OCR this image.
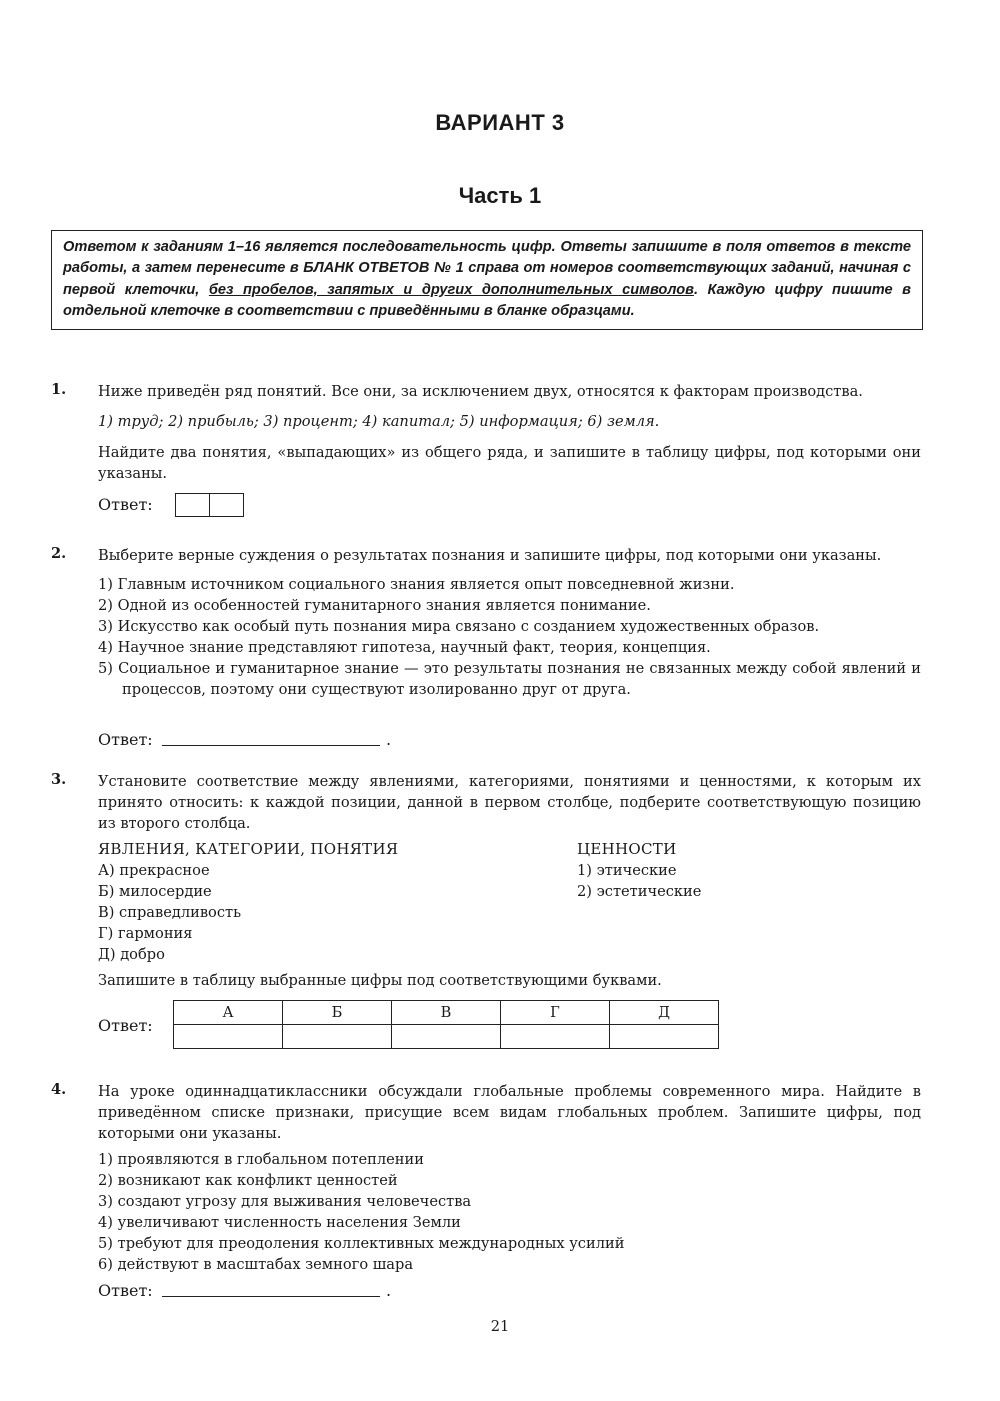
ВАРИАНТ 3
Часть 1
Ответом к заданиям 1–16 является последовательность цифр. Ответы запишите в поля ответов в тексте работы, а затем перенесите в БЛАНК ОТВЕТОВ № 1 справа от номеров соответствующих заданий, начиная с первой клеточки, без пробелов, запятых и других дополнительных символов. Каждую цифру пишите в отдельной клеточке в соответствии с приведёнными в бланке образцами.
1. Ниже приведён ряд понятий. Все они, за исключением двух, относятся к факторам производства.

1) труд; 2) прибыль; 3) процент; 4) капитал; 5) информация; 6) земля.

Найдите два понятия, «выпадающих» из общего ряда, и запишите в таблицу цифры, под которыми они указаны.

Ответ:
2. Выберите верные суждения о результатах познания и запишите цифры, под которыми они указаны.

1) Главным источником социального знания является опыт повседневной жизни.
2) Одной из особенностей гуманитарного знания является понимание.
3) Искусство как особый путь познания мира связано с созданием художественных образов.
4) Научное знание представляют гипотеза, научный факт, теория, концепция.
5) Социальное и гуманитарное знание — это результаты познания не связанных между собой явлений и процессов, поэтому они существуют изолированно друг от друга.
Ответ:	.
3. Установите соответствие между явлениями, категориями, понятиями и ценностями, к которым их принято относить: к каждой позиции, данной в первом столбце, подберите соответствующую позицию из второго столбца.

ЯВЛЕНИЯ, КАТЕГОРИИ, ПОНЯТИЯ
А) прекрасное
Б) милосердие
В) справедливость
Г) гармония
Д) добро
ЦЕННОСТИ
1) этические
2) эстетические

Запишите в таблицу выбранные цифры под соответствующими буквами.

Ответ:
А	Б	В	Г	Д

4. На уроке одиннадцатиклассники обсуждали глобальные проблемы современного мира. Найдите в приведённом списке признаки, присущие всем видам глобальных проблем. Запишите цифры, под которыми они указаны.

1) проявляются в глобальном потеплении
2) возникают как конфликт ценностей
3) создают угрозу для выживания человечества
4) увеличивают численность населения Земли
5) требуют для преодоления коллективных международных усилий
6) действуют в масштабах земного шара
Ответ:	.
21
